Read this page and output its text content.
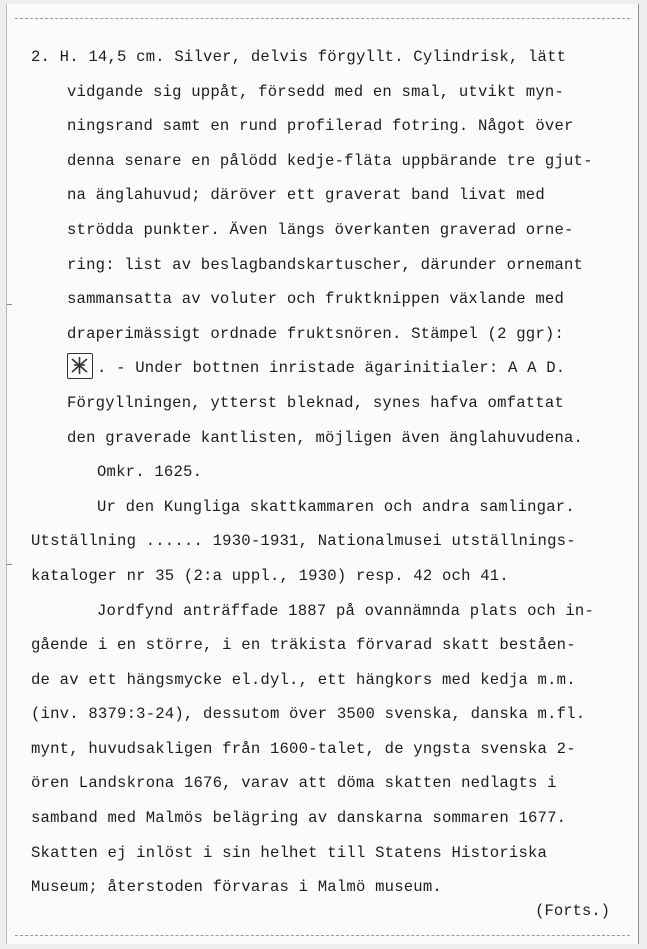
2. H. 14,5 cm. Silver, delvis förgyllt. Cylindrisk, lätt
vidgande sig uppåt, försedd med en smal, utvikt myn-
ningsrand samt en rund profilerad fotring. Något över
denna senare en pålödd kedje-fläta uppbärande tre gjut-
na änglahuvud; däröver ett graverat band livat med
strödda punkter. Även längs överkanten graverad orne-
ring: list av beslagbandskartuscher, därunder ornemant
sammansatta av voluter och fruktknippen växlande med
draperimässigt ordnade fruktsnören. Stämpel (2 ggr):
. - Under bottnen inristade ägarinitialer: A A D.
Förgyllningen, ytterst bleknad, synes hafva omfattat
den graverade kantlisten, möjligen även änglahuvudena.
Omkr. 1625.
Ur den Kungliga skattkammaren och andra samlingar.
Utställning ...... 1930-1931, Nationalmusei utställnings-
kataloger nr 35 (2:a uppl., 1930) resp. 42 och 41.
Jordfynd anträffade 1887 på ovannämnda plats och in-
gående i en större, i en träkista förvarad skatt beståen-
de av ett hängsmycke el.dyl., ett hängkors med kedja m.m.
(inv. 8379:3-24), dessutom över 3500 svenska, danska m.fl.
mynt, huvudsakligen från 1600-talet, de yngsta svenska 2-
ören Landskrona 1676, varav att döma skatten nedlagts i
samband med Malmös belägring av danskarna sommaren 1677.
Skatten ej inlöst i sin helhet till Statens Historiska
Museum; återstoden förvaras i Malmö museum.
(Forts.)
